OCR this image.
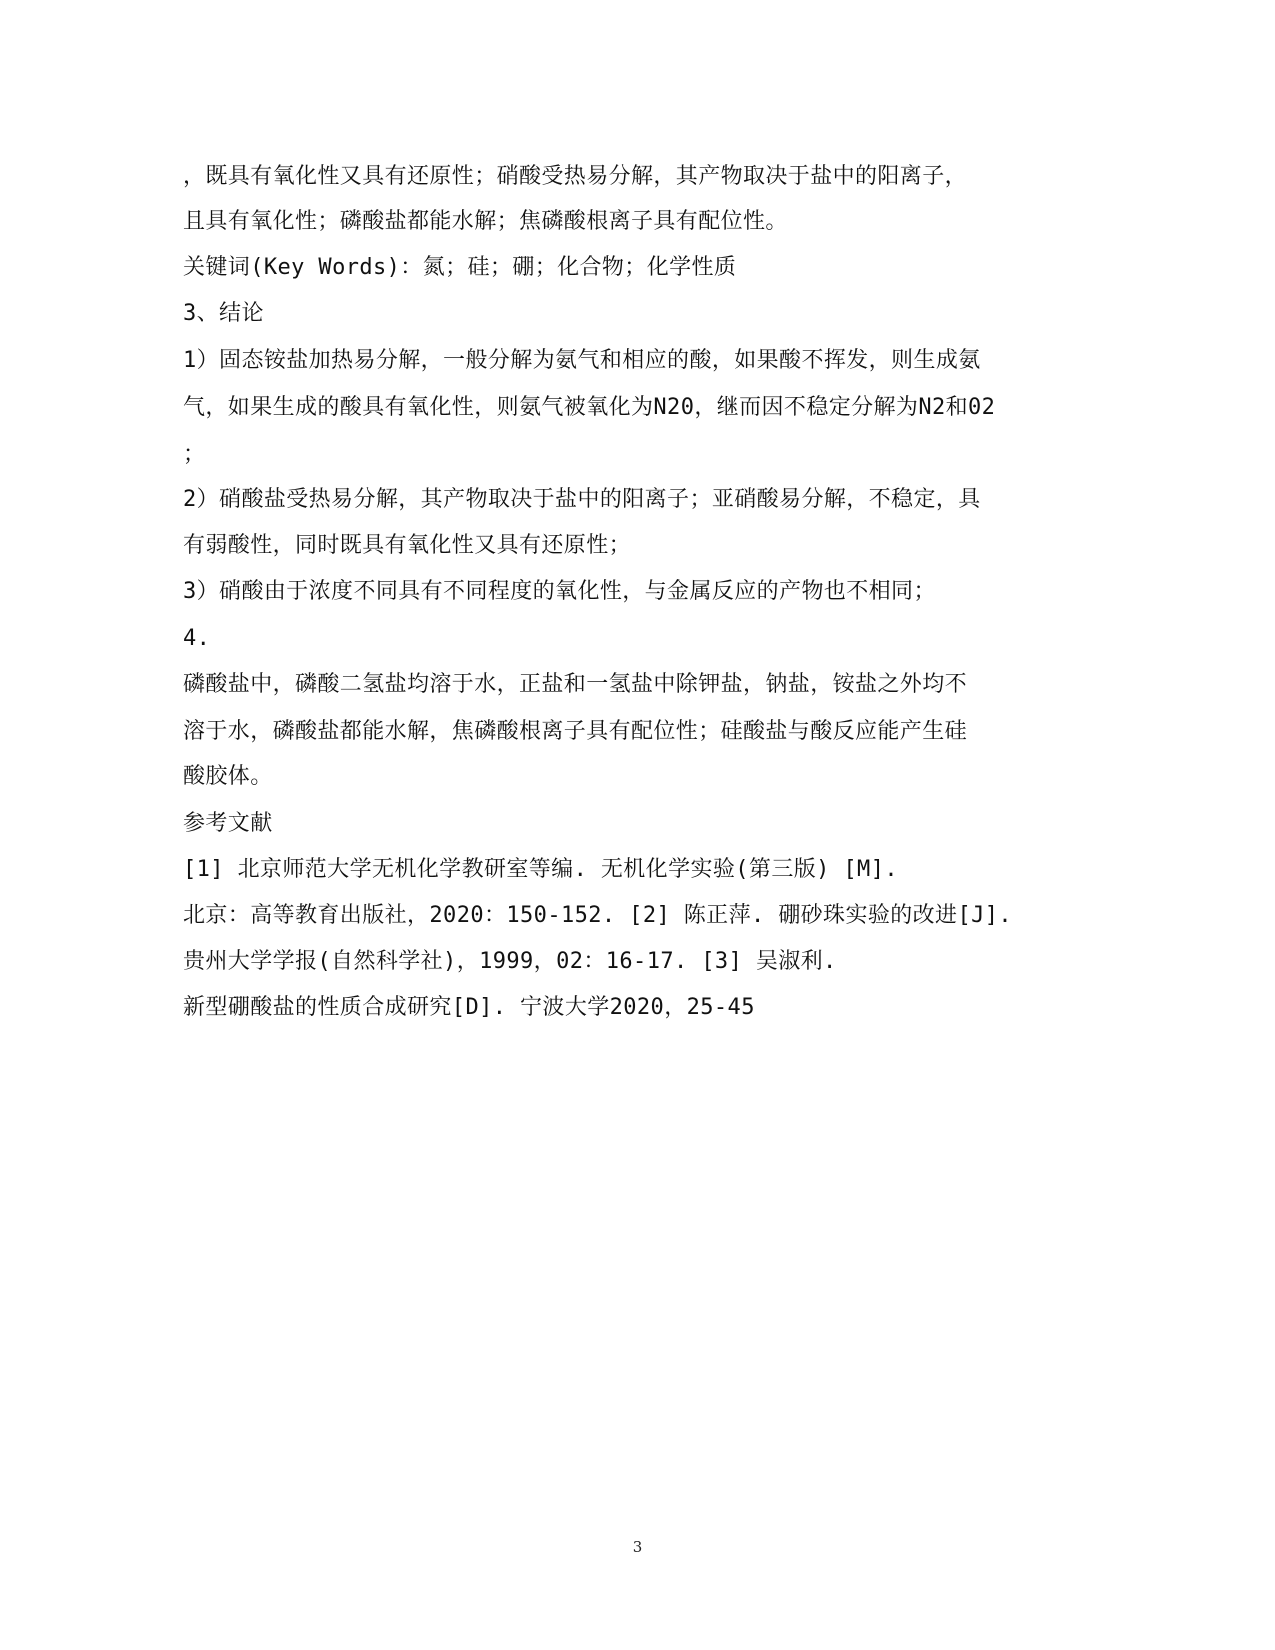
，既具有氧化性又具有还原性；硝酸受热易分解，其产物取决于盐中的阳离子，
且具有氧化性；磷酸盐都能水解；焦磷酸根离子具有配位性。
关键词(Key Words)：氮；硅；硼；化合物；化学性质
3、结论
1）固态铵盐加热易分解，一般分解为氨气和相应的酸，如果酸不挥发，则生成氨
气，如果生成的酸具有氧化性，则氨气被氧化为N20，继而因不稳定分解为N2和02
；
2）硝酸盐受热易分解，其产物取决于盐中的阳离子；亚硝酸易分解，不稳定，具
有弱酸性，同时既具有氧化性又具有还原性；
3）硝酸由于浓度不同具有不同程度的氧化性，与金属反应的产物也不相同；
4.
磷酸盐中，磷酸二氢盐均溶于水，正盐和一氢盐中除钾盐，钠盐，铵盐之外均不
溶于水，磷酸盐都能水解，焦磷酸根离子具有配位性；硅酸盐与酸反应能产生硅
酸胶体。
参考文献
[1] 北京师范大学无机化学教研室等编. 无机化学实验(第三版) [M].
北京：高等教育出版社，2020：150-152. [2] 陈正萍. 硼砂珠实验的改进[J].
贵州大学学报(自然科学社)，1999，02：16-17. [3] 吴淑利.
新型硼酸盐的性质合成研究[D]. 宁波大学2020，25-45
3
